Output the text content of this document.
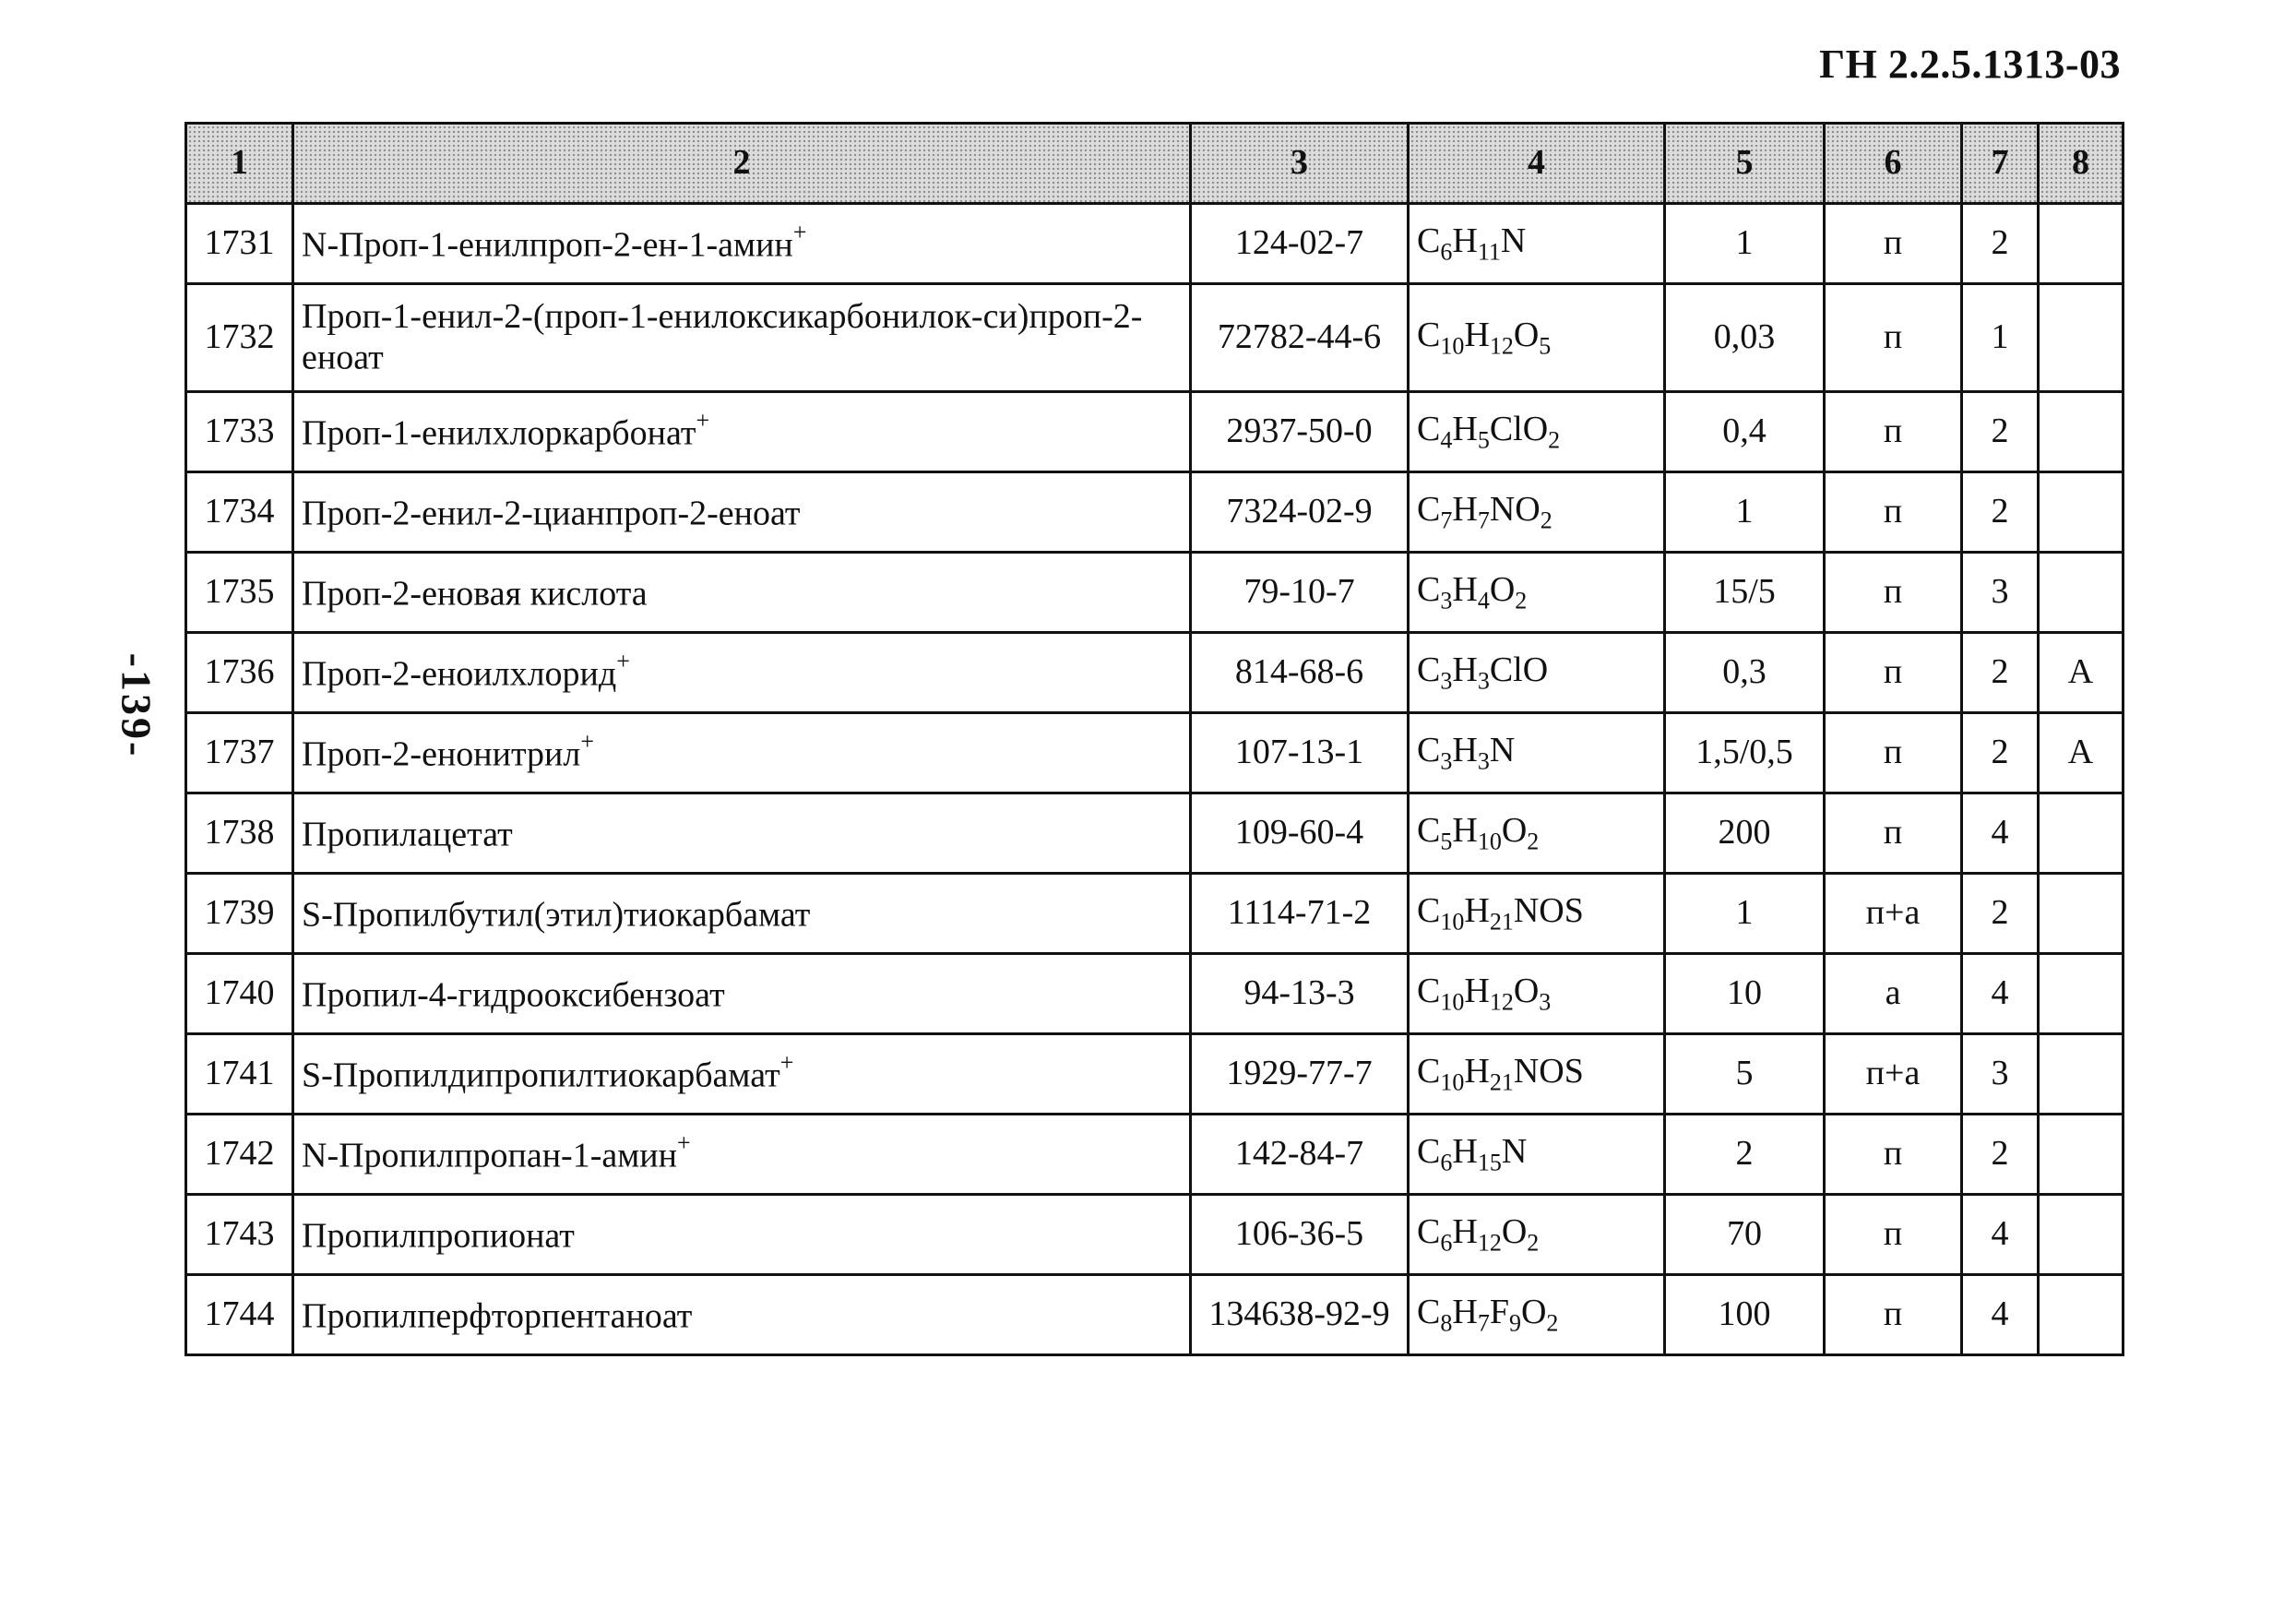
ГН 2.2.5.1313-03
-139-
1	2	3	4	5	6	7	8
1731	N-Проп-1-енилпроп-2-ен-1-амин+	124-02-7	$C_6H_{11}N$	1	п	2	
1732	Проп-1-енил-2-(проп-1-енилоксикарбонилок-си)проп-2-еноат	72782-44-6	$C_{10}H_{12}O_5$	0,03	п	1	
1733	Проп-1-енилхлоркарбонат+	2937-50-0	$C_4H_5ClO_2$	0,4	п	2	
1734	Проп-2-енил-2-цианпроп-2-еноат	7324-02-9	$C_7H_7NO_2$	1	п	2	
1735	Проп-2-еновая кислота	79-10-7	$C_3H_4O_2$	15/5	п	3	
1736	Проп-2-еноилхлорид+	814-68-6	$C_3H_3ClO$	0,3	п	2	A
1737	Проп-2-енонитрил+	107-13-1	$C_3H_3N$	1,5/0,5	п	2	A
1738	Пропилацетат	109-60-4	$C_5H_{10}O_2$	200	п	4	
1739	S-Пропилбутил(этил)тиокарбамат	1114-71-2	$C_{10}H_{21}NOS$	1	п+а	2	
1740	Пропил-4-гидрооксибензоат	94-13-3	$C_{10}H_{12}O_3$	10	а	4	
1741	S-Пропилдипропилтиокарбамат+	1929-77-7	$C_{10}H_{21}NOS$	5	п+а	3	
1742	N-Пропилпропан-1-амин+	142-84-7	$C_6H_{15}N$	2	п	2	
1743	Пропилпропионат	106-36-5	$C_6H_{12}O_2$	70	п	4	
1744	Пропилперфторпентаноат	134638-92-9	$C_8H_7F_9O_2$	100	п	4	
